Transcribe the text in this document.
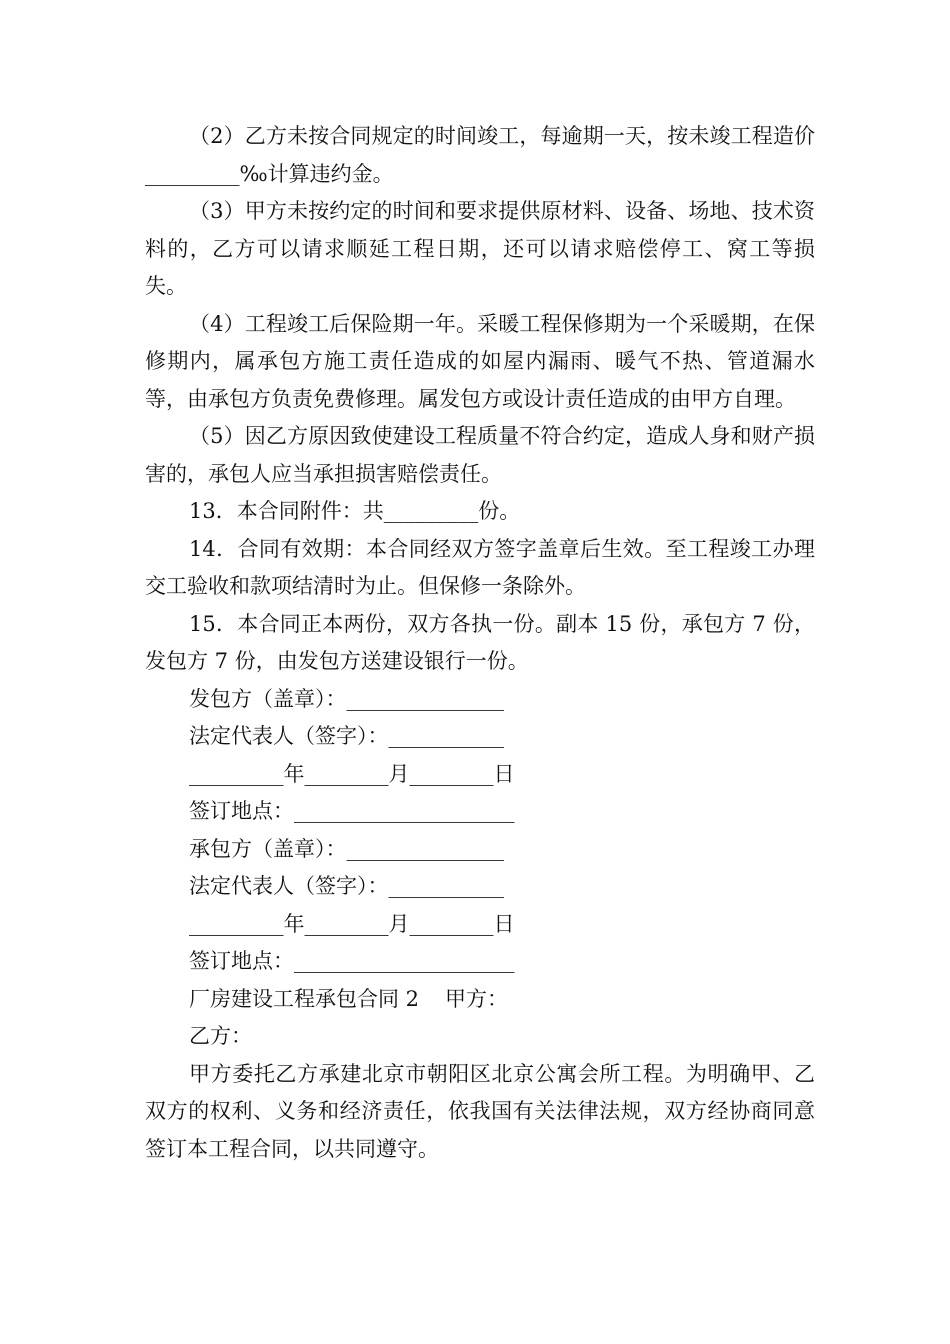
（2）乙方未按合同规定的时间竣工，每逾期一天，按未竣工程造价_________‰计算违约金。

（3）甲方未按约定的时间和要求提供原材料、设备、场地、技术资料的，乙方可以请求顺延工程日期，还可以请求赔偿停工、窝工等损失。

（4）工程竣工后保险期一年。采暖工程保修期为一个采暖期，在保修期内，属承包方施工责任造成的如屋内漏雨、暖气不热、管道漏水等，由承包方负责免费修理。属发包方或设计责任造成的由甲方自理。

（5）因乙方原因致使建设工程质量不符合约定，造成人身和财产损害的，承包人应当承担损害赔偿责任。

13．本合同附件：共_________份。

14．合同有效期：本合同经双方签字盖章后生效。至工程竣工办理交工验收和款项结清时为止。但保修一条除外。

15．本合同正本两份，双方各执一份。副本 15 份，承包方 7 份，发包方 7 份，由发包方送建设银行一份。

发包方（盖章）：_______________

法定代表人（签字）：___________

_________年________月________日

签订地点：_____________________

承包方（盖章）：_______________

法定代表人（签字）：___________

_________年________月________日

签订地点：_____________________

厂房建设工程承包合同 2 甲方：

乙方：

甲方委托乙方承建北京市朝阳区北京公寓会所工程。为明确甲、乙双方的权利、义务和经济责任，依我国有关法律法规，双方经协商同意签订本工程合同，以共同遵守。
